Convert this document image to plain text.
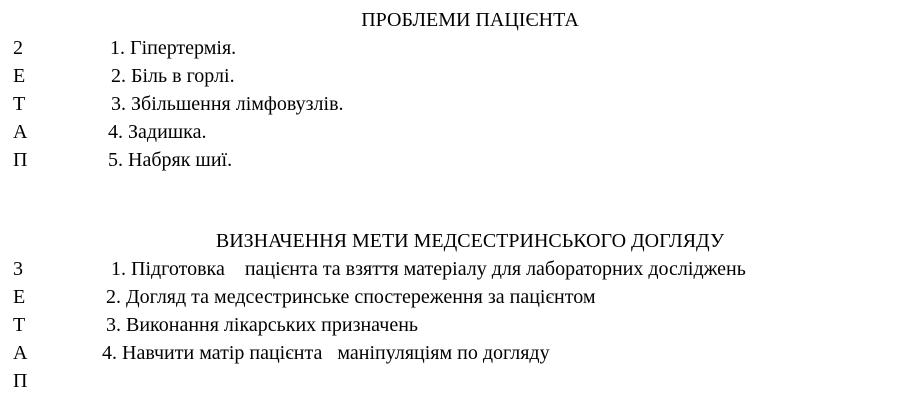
ПРОБЛЕМИ ПАЦІЄНТА
2
Е
Т
А
П
1. Гіпертермія.
2. Біль в горлі.
3. Збільшення лімфовузлів.
4. Задишка.
5. Набряк шиї.
ВИЗНАЧЕННЯ МЕТИ МЕДСЕСТРИНСЬКОГО ДОГЛЯДУ
3
Е
Т
А
П
1. Підготовка    пацієнта та взяття матеріалу для лабораторних досліджень
2. Догляд та медсестринське спостереження за пацієнтом
3. Виконання лікарських призначень
4. Навчити матір пацієнта   маніпуляціям по догляду
